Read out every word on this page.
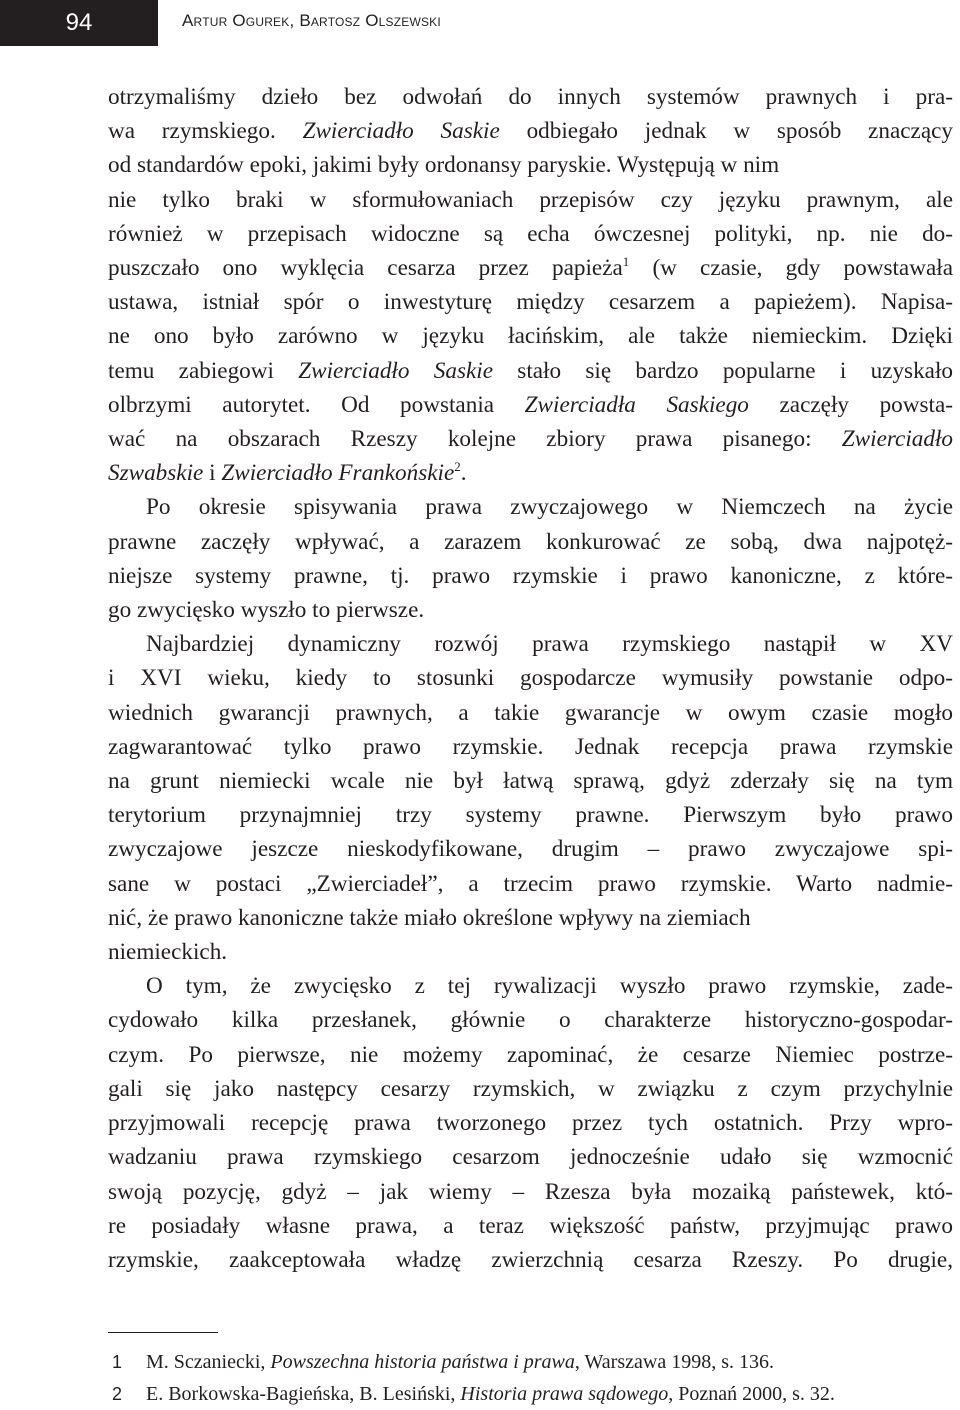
94	Artur Ogurek, Bartosz Olszewski

otrzymaliśmy dzieło bez odwołań do innych systemów prawnych i pra-
wa rzymskiego. Zwierciadło Saskie odbiegało jednak w sposób znaczący
od standardów epoki, jakimi były ordonansy paryskie. Występują w nim
nie tylko braki w sformułowaniach przepisów czy języku prawnym, ale
również w przepisach widoczne są echa ówczesnej polityki, np. nie do-
puszczało ono wyklęcia cesarza przez papieża$^1$ (w czasie, gdy powstawała
ustawa, istniał spór o inwestyturę między cesarzem a papieżem). Napisa-
ne ono było zarówno w języku łacińskim, ale także niemieckim. Dzięki
temu zabiegowi Zwierciadło Saskie stało się bardzo popularne i uzyskało
olbrzymi autorytet. Od powstania Zwierciadła Saskiego zaczęły powsta-
wać na obszarach Rzeszy kolejne zbiory prawa pisanego: Zwierciadło
Szwabskie i Zwierciadło Frankońskie$^2$.

Po okresie spisywania prawa zwyczajowego w Niemczech na życie
prawne zaczęły wpływać, a zarazem konkurować ze sobą, dwa najpotęż-
niejsze systemy prawne, tj. prawo rzymskie i prawo kanoniczne, z które-
go zwycięsko wyszło to pierwsze.

Najbardziej dynamiczny rozwój prawa rzymskiego nastąpił w XV
i XVI wieku, kiedy to stosunki gospodarcze wymusiły powstanie odpo-
wiednich gwarancji prawnych, a takie gwarancje w owym czasie mogło
zagwarantować tylko prawo rzymskie. Jednak recepcja prawa rzymskie
na grunt niemiecki wcale nie był łatwą sprawą, gdyż zderzały się na tym
terytorium przynajmniej trzy systemy prawne. Pierwszym było prawo
zwyczajowe jeszcze nieskodyfikowane, drugim – prawo zwyczajowe spi-
sane w postaci „Zwierciadeł”, a trzecim prawo rzymskie. Warto nadmie-
nić, że prawo kanoniczne także miało określone wpływy na ziemiach
niemieckich.

O tym, że zwycięsko z tej rywalizacji wyszło prawo rzymskie, zade-
cydowało kilka przesłanek, głównie o charakterze historyczno-gospodar-
czym. Po pierwsze, nie możemy zapominać, że cesarze Niemiec postrze-
gali się jako następcy cesarzy rzymskich, w związku z czym przychylnie
przyjmowali recepcję prawa tworzonego przez tych ostatnich. Przy wpro-
wadzaniu prawa rzymskiego cesarzom jednocześnie udało się wzmocnić
swoją pozycję, gdyż – jak wiemy – Rzesza była mozaiką państewek, któ-
re posiadały własne prawa, a teraz większość państw, przyjmując prawo
rzymskie, zaakceptowała władzę zwierzchnią cesarza Rzeszy. Po drugie,

1 M. Sczaniecki, Powszechna historia państwa i prawa, Warszawa 1998, s. 136.
2 E. Borkowska-Bagieńska, B. Lesiński, Historia prawa sądowego, Poznań 2000, s. 32.
